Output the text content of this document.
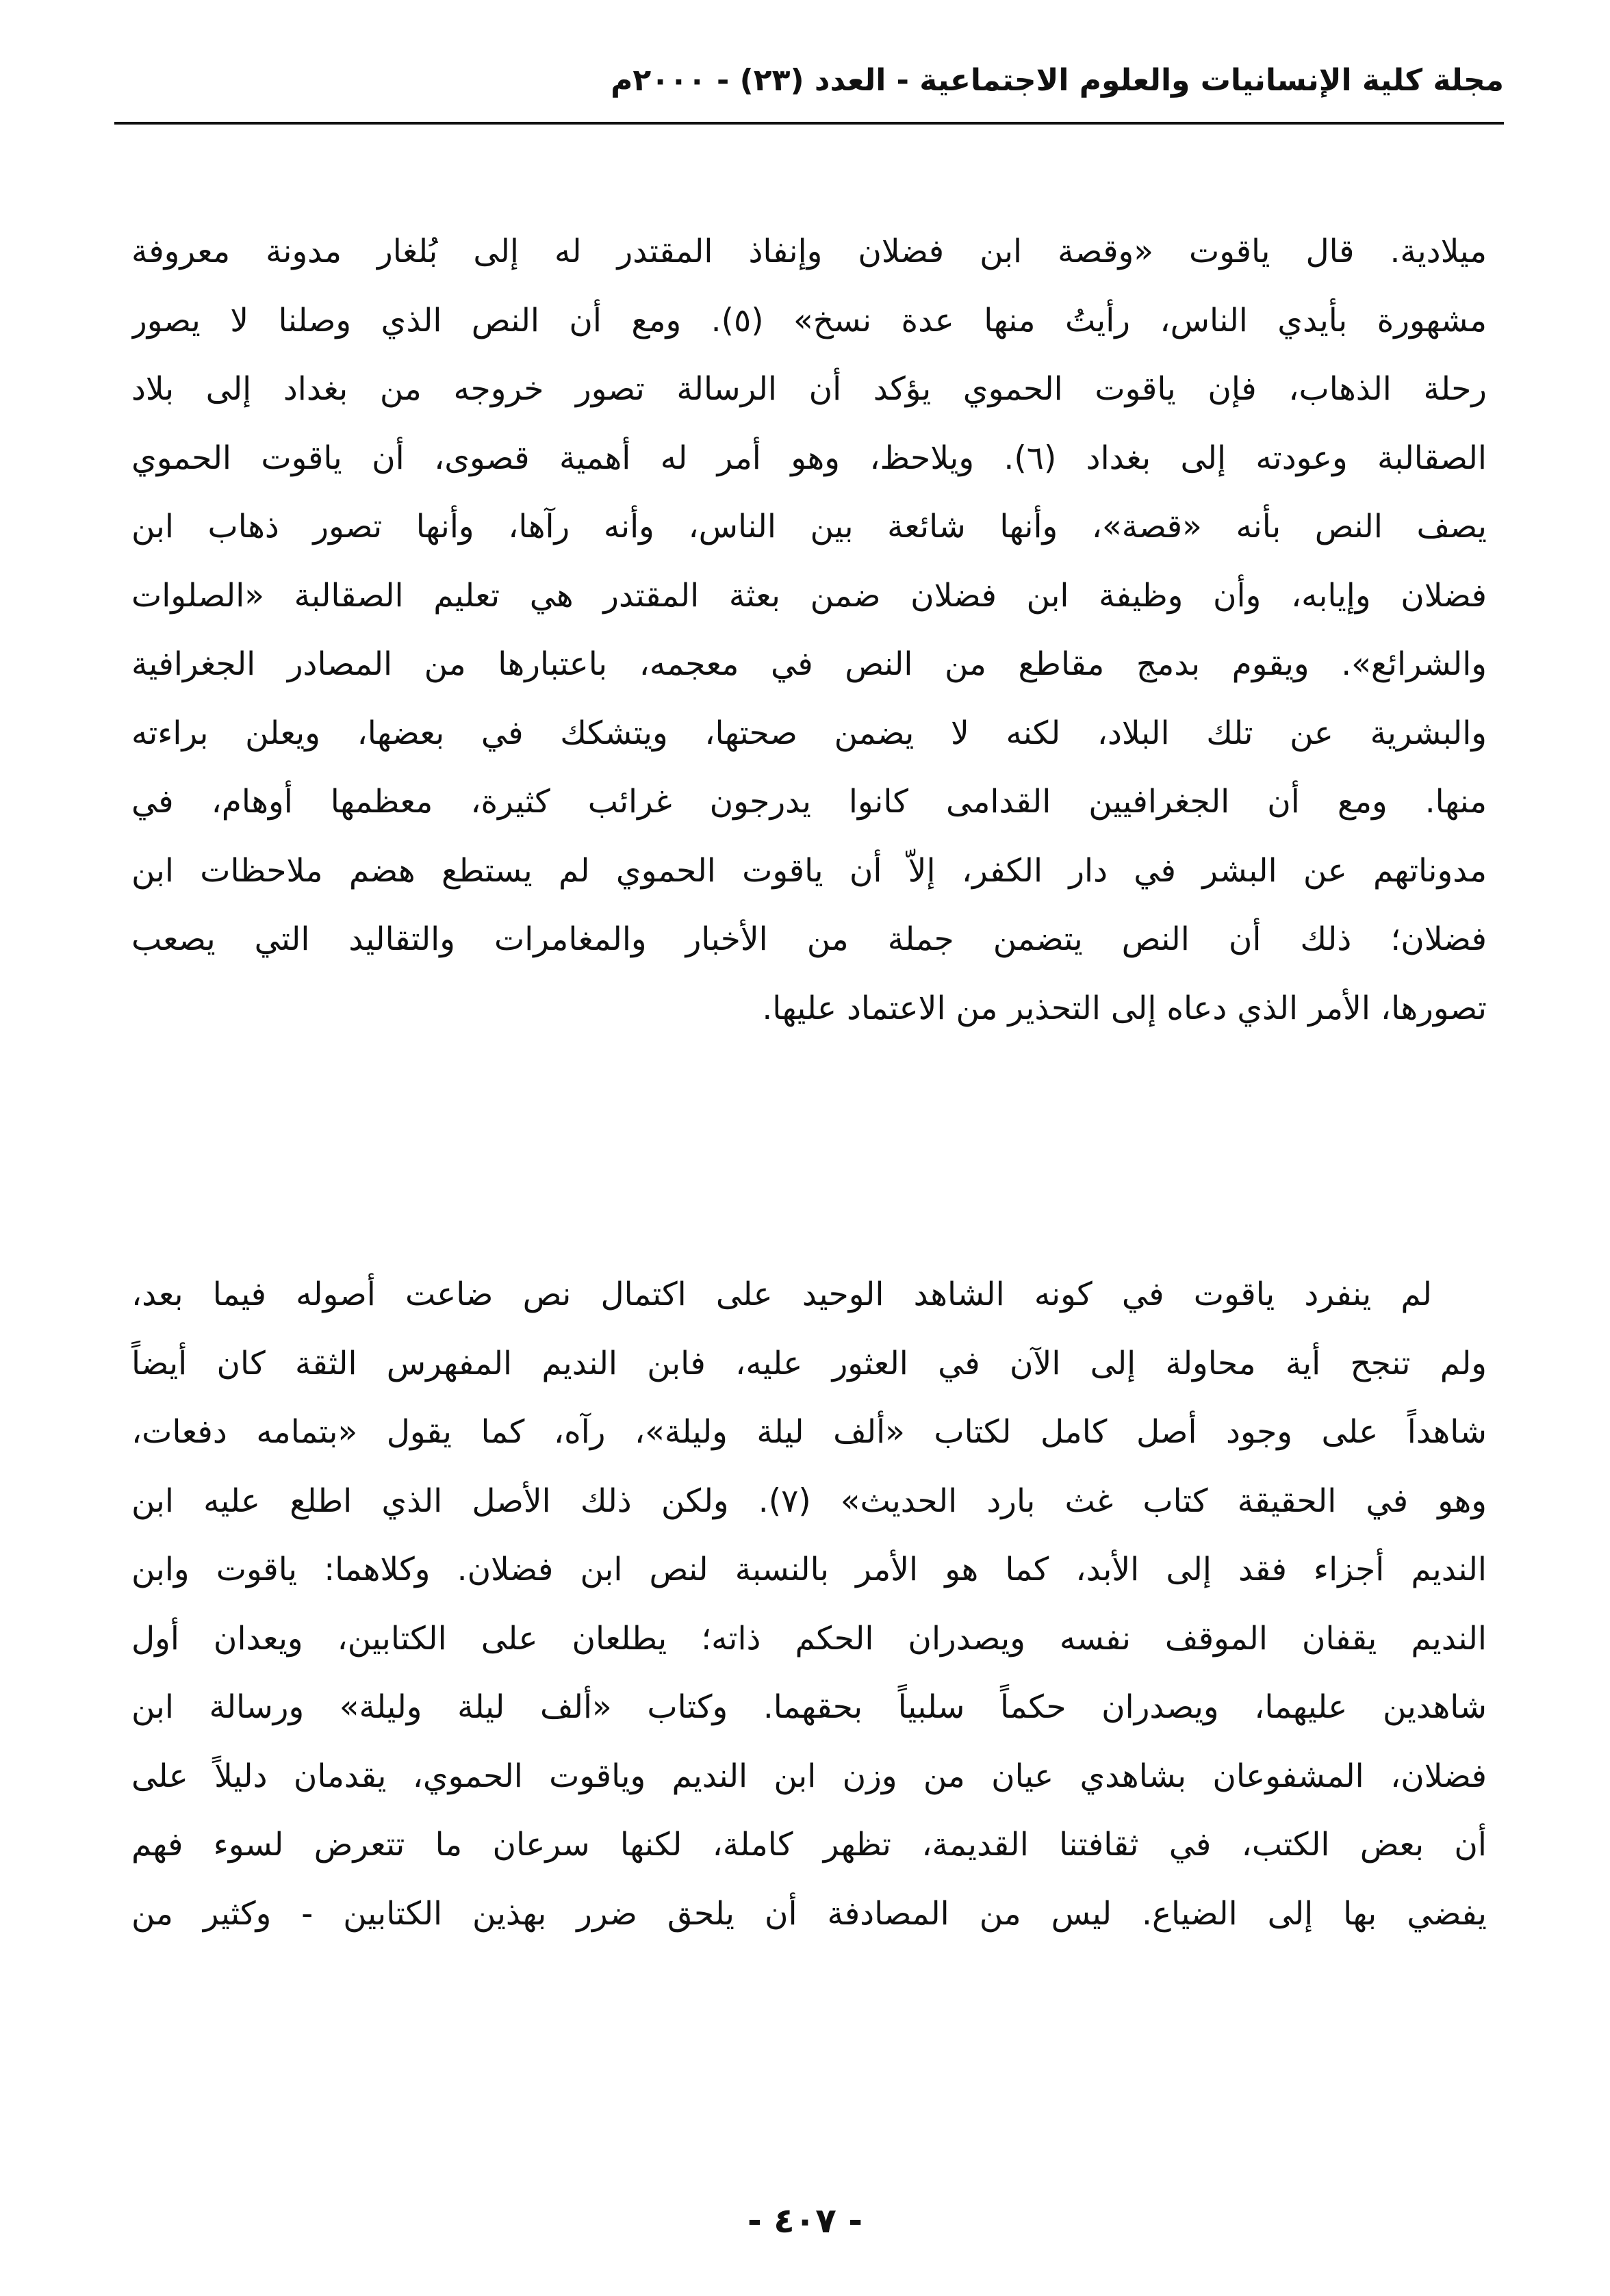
مجلة كلية الإنسانيات والعلوم الاجتماعية - العدد (٢٣) - ٢٠٠٠م
ميلادية. قال ياقوت «وقصة ابن فضلان وإنفاذ المقتدر له إلى بُلغار مدونة معروفة
مشهورة بأيدي الناس، رأيتُ منها عدة نسخ» (٥). ومع أن النص الذي وصلنا لا يصور
رحلة الذهاب، فإن ياقوت الحموي يؤكد أن الرسالة تصور خروجه من بغداد إلى بلاد
الصقالبة وعودته إلى بغداد (٦). ويلاحظ، وهو أمر له أهمية قصوى، أن ياقوت الحموي
يصف النص بأنه «قصة»، وأنها شائعة بين الناس، وأنه رآها، وأنها تصور ذهاب ابن
فضلان وإيابه، وأن وظيفة ابن فضلان ضمن بعثة المقتدر هي تعليم الصقالبة «الصلوات
والشرائع». ويقوم بدمج مقاطع من النص في معجمه، باعتبارها من المصادر الجغرافية
والبشرية عن تلك البلاد، لكنه لا يضمن صحتها، ويتشكك في بعضها، ويعلن براءته
منها. ومع أن الجغرافيين القدامى كانوا يدرجون غرائب كثيرة، معظمها أوهام، في
مدوناتهم عن البشر في دار الكفر، إلاّ أن ياقوت الحموي لم يستطع هضم ملاحظات ابن
فضلان؛ ذلك أن النص يتضمن جملة من الأخبار والمغامرات والتقاليد التي يصعب
تصورها، الأمر الذي دعاه إلى التحذير من الاعتماد عليها.
لم ينفرد ياقوت في كونه الشاهد الوحيد على اكتمال نص ضاعت أصوله فيما بعد،
ولم تنجح أية محاولة إلى الآن في العثور عليه، فابن النديم المفهرس الثقة كان أيضاً
شاهداً على وجود أصل كامل لكتاب «ألف ليلة وليلة»، رآه، كما يقول «بتمامه دفعات،
وهو في الحقيقة كتاب غث بارد الحديث» (٧). ولكن ذلك الأصل الذي اطلع عليه ابن
النديم أجزاء فقد إلى الأبد، كما هو الأمر بالنسبة لنص ابن فضلان. وكلاهما: ياقوت وابن
النديم يقفان الموقف نفسه ويصدران الحكم ذاته؛ يطلعان على الكتابين، ويعدان أول
شاهدين عليهما، ويصدران حكماً سلبياً بحقهما. وكتاب «ألف ليلة وليلة» ورسالة ابن
فضلان، المشفوعان بشاهدي عيان من وزن ابن النديم وياقوت الحموي، يقدمان دليلاً على
أن بعض الكتب، في ثقافتنا القديمة، تظهر كاملة، لكنها سرعان ما تتعرض لسوء فهم
يفضي بها إلى الضياع. ليس من المصادفة أن يلحق ضرر بهذين الكتابين - وكثير من
- ٤٠٧ -
